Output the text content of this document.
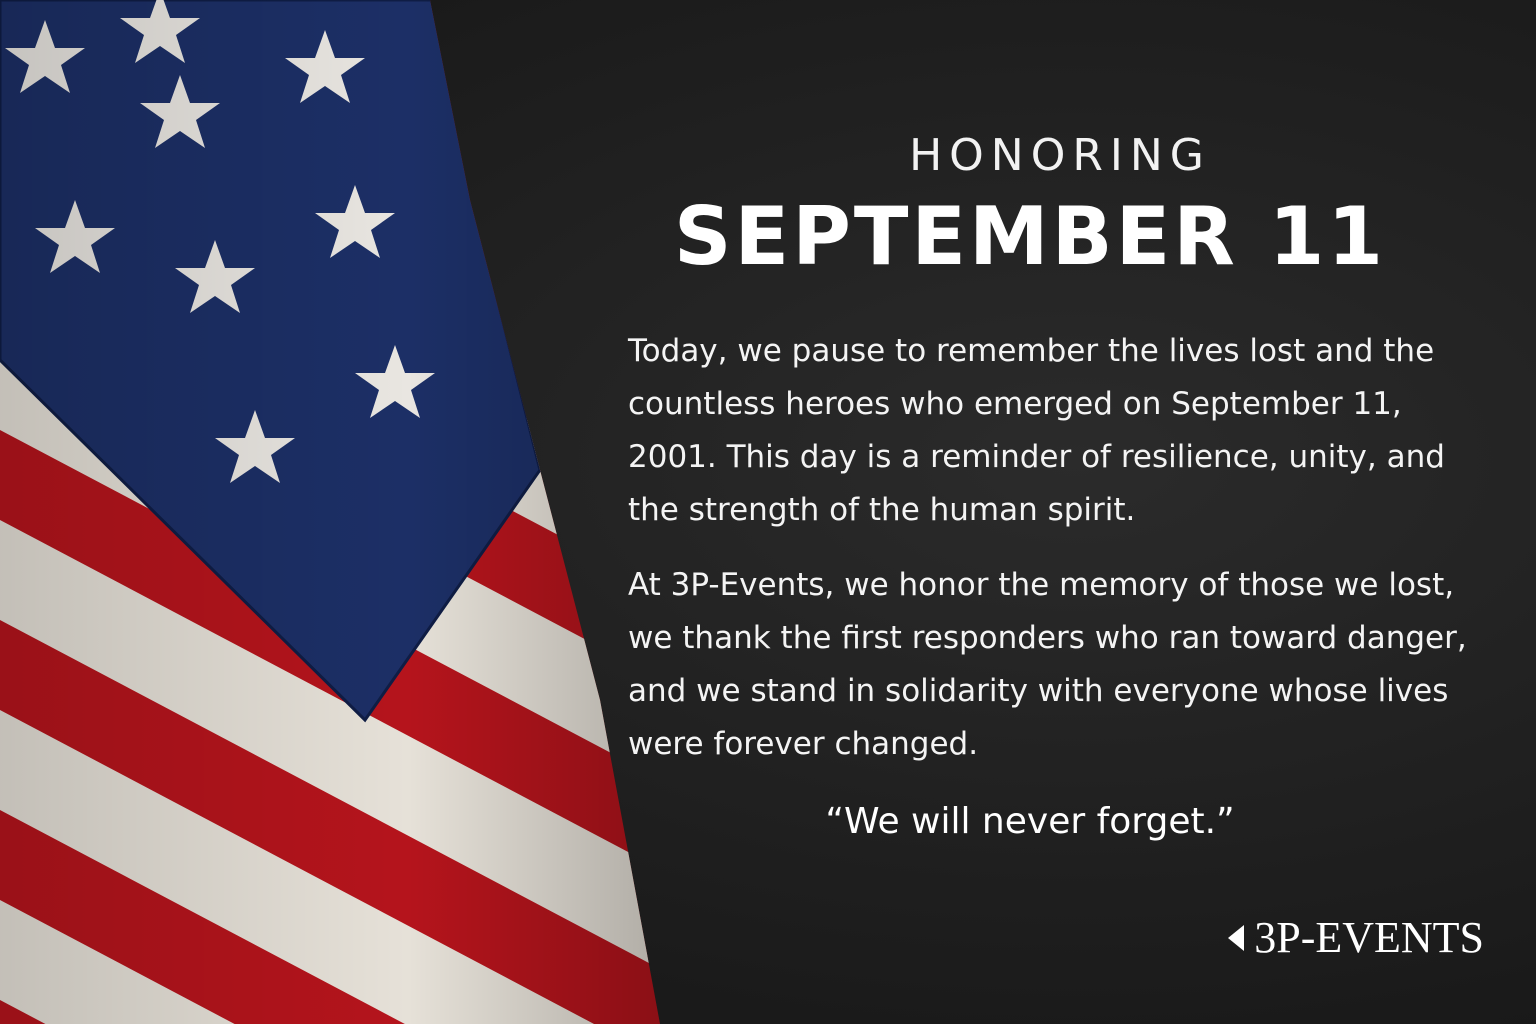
HONORING
SEPTEMBER 11

Today, we pause to remember the lives lost and the countless heroes who emerged on September 11, 2001. This day is a reminder of resilience, unity, and the strength of the human spirit.

At 3P-Events, we honor the memory of those we lost, we thank the first responders who ran toward danger, and we stand in solidarity with everyone whose lives were forever changed.

“We will never forget.”
3P-EVENTS
